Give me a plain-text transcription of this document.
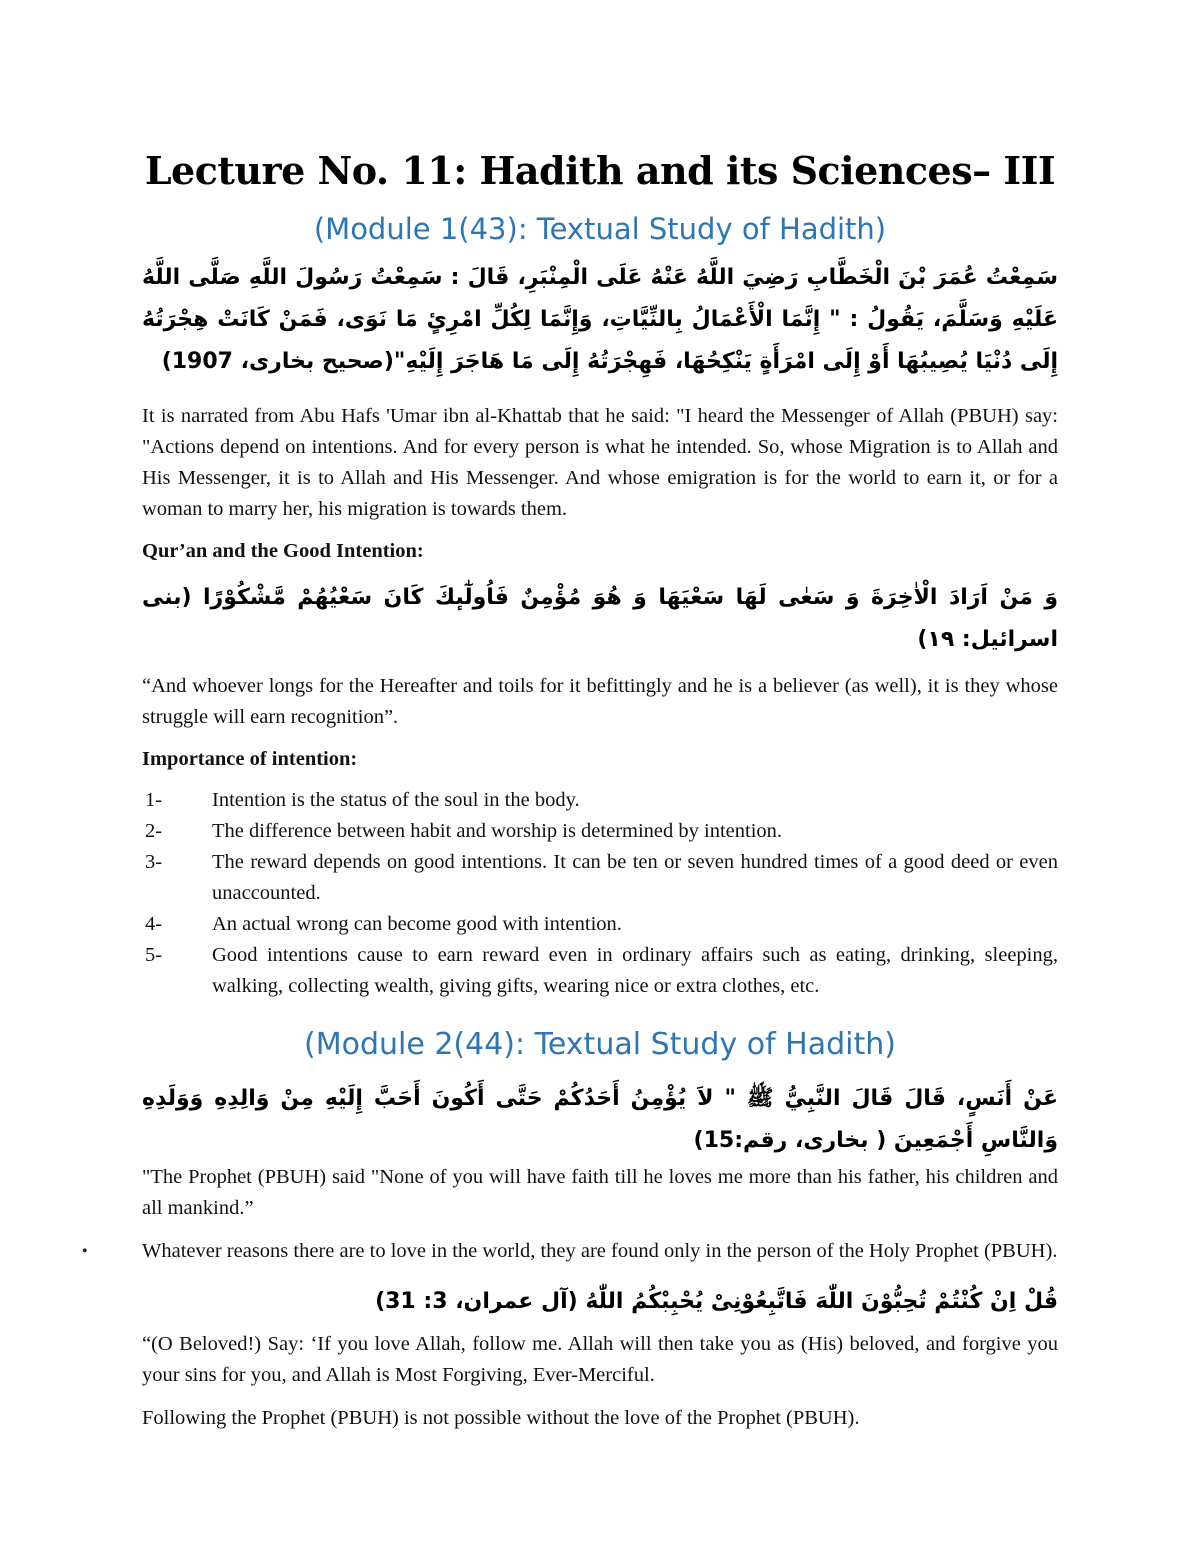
Lecture No. 11: Hadith and its Sciences– III
(Module 1(43): Textual Study of Hadith)
سَمِعْتُ عُمَرَ بْنَ الْخَطَّابِ رَضِيَ اللَّهُ عَنْهُ عَلَى الْمِنْبَرِ، قَالَ : سَمِعْتُ رَسُولَ اللَّهِ صَلَّى اللَّهُ عَلَيْهِ وَسَلَّمَ، يَقُولُ : " إِنَّمَا الْأَعْمَالُ بِالنِّيَّاتِ، وَإِنَّمَا لِكُلِّ امْرِئٍ مَا نَوَى، فَمَنْ كَانَتْ هِجْرَتُهُ إِلَى دُنْيَا يُصِيبُهَا أَوْ إِلَى امْرَأَةٍ يَنْكِحُهَا، فَهِجْرَتُهُ إِلَى مَا هَاجَرَ إِلَيْهِ"(صحیح بخاری، 1907)

It is narrated from Abu Hafs 'Umar ibn al-Khattab that he said: "I heard the Messenger of Allah (PBUH) say: "Actions depend on intentions. And for every person is what he intended. So, whose Migration is to Allah and His Messenger, it is to Allah and His Messenger. And whose emigration is for the world to earn it, or for a woman to marry her, his migration is towards them.

Qur’an and the Good Intention:

وَ مَنْ اَرَادَ الْاٰخِرَةَ وَ سَعٰى لَهَا سَعْیَهَا وَ هُوَ مُؤْمِنٌ فَاُولٰٓىٕكَ كَانَ سَعْیُهُمْ مَّشْكُوْرًا (بنی اسرائیل: ۱۹)

“And whoever longs for the Hereafter and toils for it befittingly and he is a believer (as well), it is they whose struggle will earn recognition”.

Importance of intention:

1- Intention is the status of the soul in the body.
2- The difference between habit and worship is determined by intention.
3- The reward depends on good intentions. It can be ten or seven hundred times of a good deed or even unaccounted.
4- An actual wrong can become good with intention.
5- Good intentions cause to earn reward even in ordinary affairs such as eating, drinking, sleeping, walking, collecting wealth, giving gifts, wearing nice or extra clothes, etc.
(Module 2(44): Textual Study of Hadith)
عَنْ أَنَسٍ، قَالَ قَالَ النَّبِيُّ ﷺ " لاَ يُؤْمِنُ أَحَدُكُمْ حَتَّى أَكُونَ أَحَبَّ إِلَيْهِ مِنْ وَالِدِهِ وَوَلَدِهِ وَالنَّاسِ أَجْمَعِينَ ( بخاری، رقم:15)

"The Prophet (PBUH) said "None of you will have faith till he loves me more than his father, his children and all mankind.”

•	Whatever reasons there are to love in the world, they are found only in the person of the Holy Prophet (PBUH).

قُلْ اِنْ كُنْتُمْ تُحِبُّوْنَ اللّٰهَ فَاتَّبِعُوْنِیْ یُحْبِبْكُمُ اللّٰهُ (آل عمران، 3: 31)

“(O Beloved!) Say: ‘If you love Allah, follow me. Allah will then take you as (His) beloved, and forgive you your sins for you, and Allah is Most Forgiving, Ever-Merciful.

Following the Prophet (PBUH) is not possible without the love of the Prophet (PBUH).
